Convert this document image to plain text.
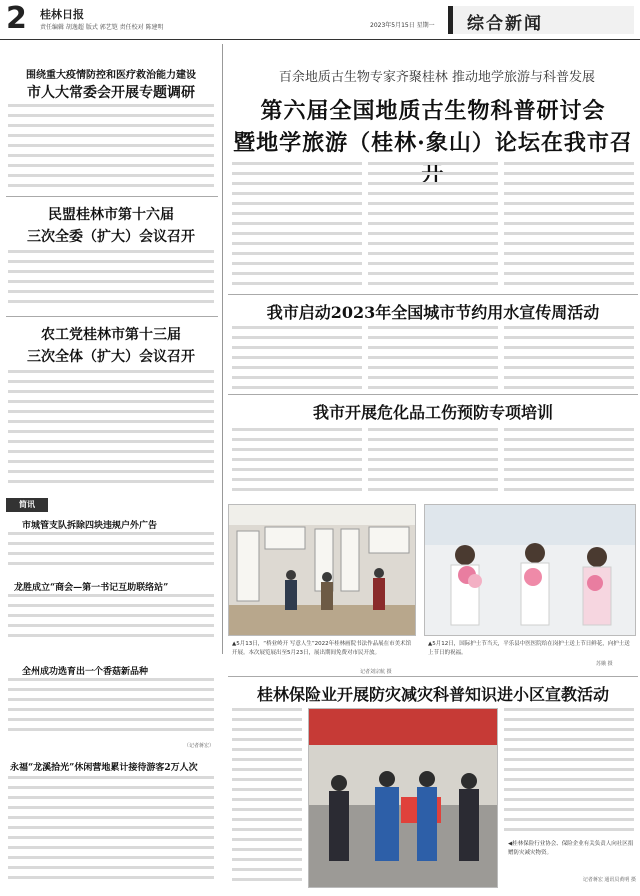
2 桂林日报
责任编辑 胡逸超 版式 郭艺铠 责任校对 陈建明	2023年5月15日 星期一 综合新闻
围绕重大疫情防控和医疗救治能力建设
市人大常委会开展专题调研
民盟桂林市第十六届
三次全委（扩大）会议召开
农工党桂林市第十三届
三次全体（扩大）会议召开
简讯
市城管支队拆除四块违规户外广告
龙胜成立“商会—第一书记互助联络站”
全州成功选育出一个香菇新品种
（记者蒋宏）
永福“龙溪拾光”休闲营地累计接待游客2万人次
百余地质古生物专家齐聚桂林 推动地学旅游与科普发展
第六届全国地质古生物科普研讨会
暨地学旅游（桂林·象山）论坛在我市召开
我市启动2023年全国城市节约用水宣传周活动
我市开展危化品工伤预防专项培训
▲5月13日，“桥业岭开 写意人生”2022年桂林画院书法作品展在市美术馆开展。本次展览展出至5月23日，展出期间免费对市民开放。
记者刘宗航 摄
▲5月12日，国际护士节当天，平乐县中医医院给在岗护士送上节日鲜花，向护士送上节日的祝福。
苏娥 摄
桂林保险业开展防灾减灾科普知识进小区宣教活动
◀桂林保险行业协会、保险企业有关负责人向社区捐赠防灾减灾物资。
记者蒋宏 通讯员黄明 摄
